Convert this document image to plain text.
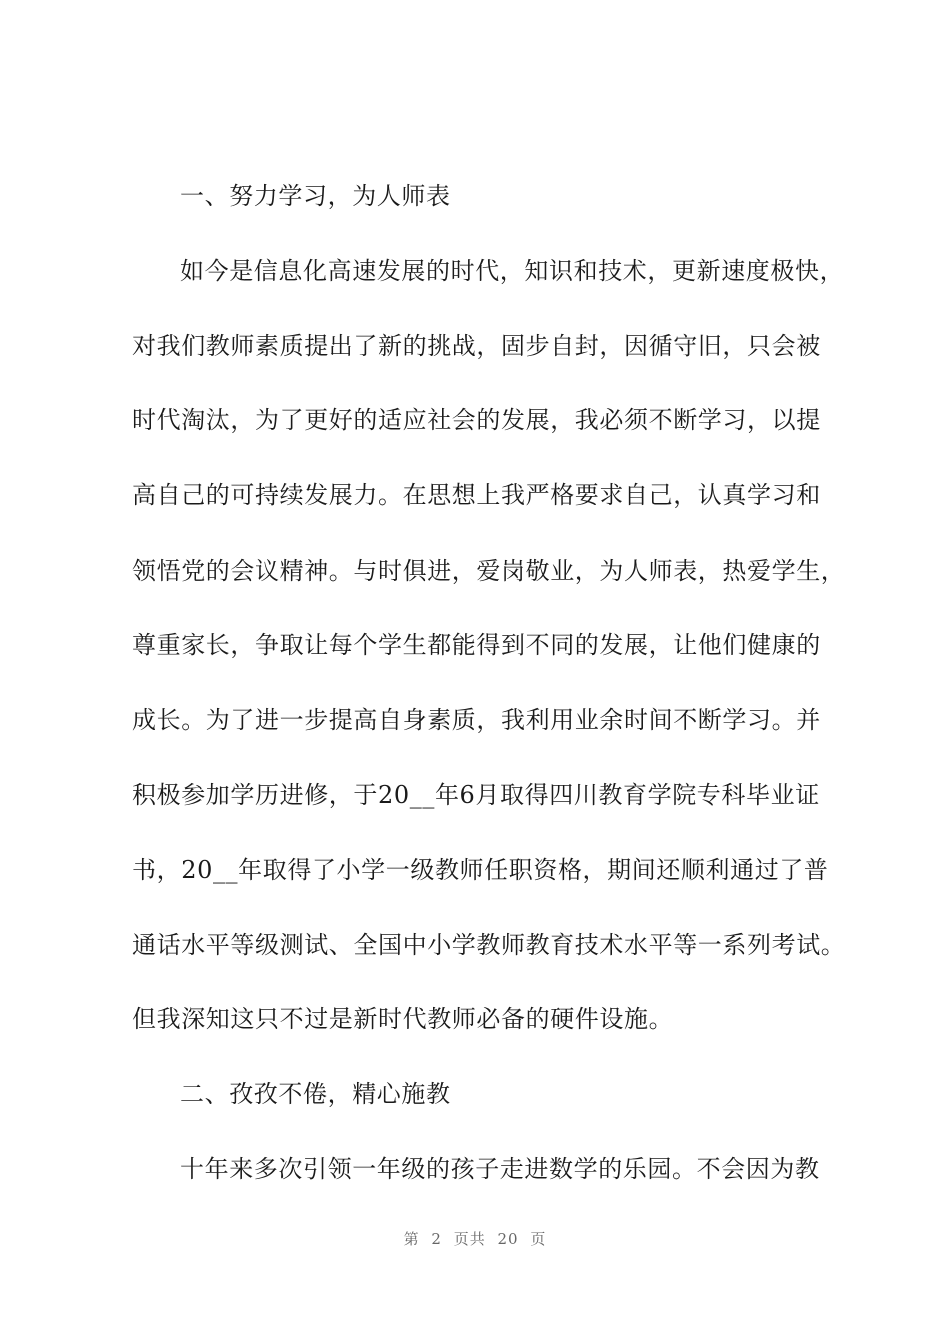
一、努力学习，为人师表
如今是信息化高速发展的时代，知识和技术，更新速度极快，
对我们教师素质提出了新的挑战，固步自封，因循守旧，只会被
时代淘汰，为了更好的适应社会的发展，我必须不断学习，以提
高自己的可持续发展力。在思想上我严格要求自己，认真学习和
领悟党的会议精神。与时俱进，爱岗敬业，为人师表，热爱学生，
尊重家长，争取让每个学生都能得到不同的发展，让他们健康的
成长。为了进一步提高自身素质，我利用业余时间不断学习。并
积极参加学历进修，于20__年6月取得四川教育学院专科毕业证
书，20__年取得了小学一级教师任职资格，期间还顺利通过了普
通话水平等级测试、全国中小学教师教育技术水平等一系列考试。
但我深知这只不过是新时代教师必备的硬件设施。
二、孜孜不倦，精心施教
十年来多次引领一年级的孩子走进数学的乐园。不会因为教
第 2 页共 20 页
